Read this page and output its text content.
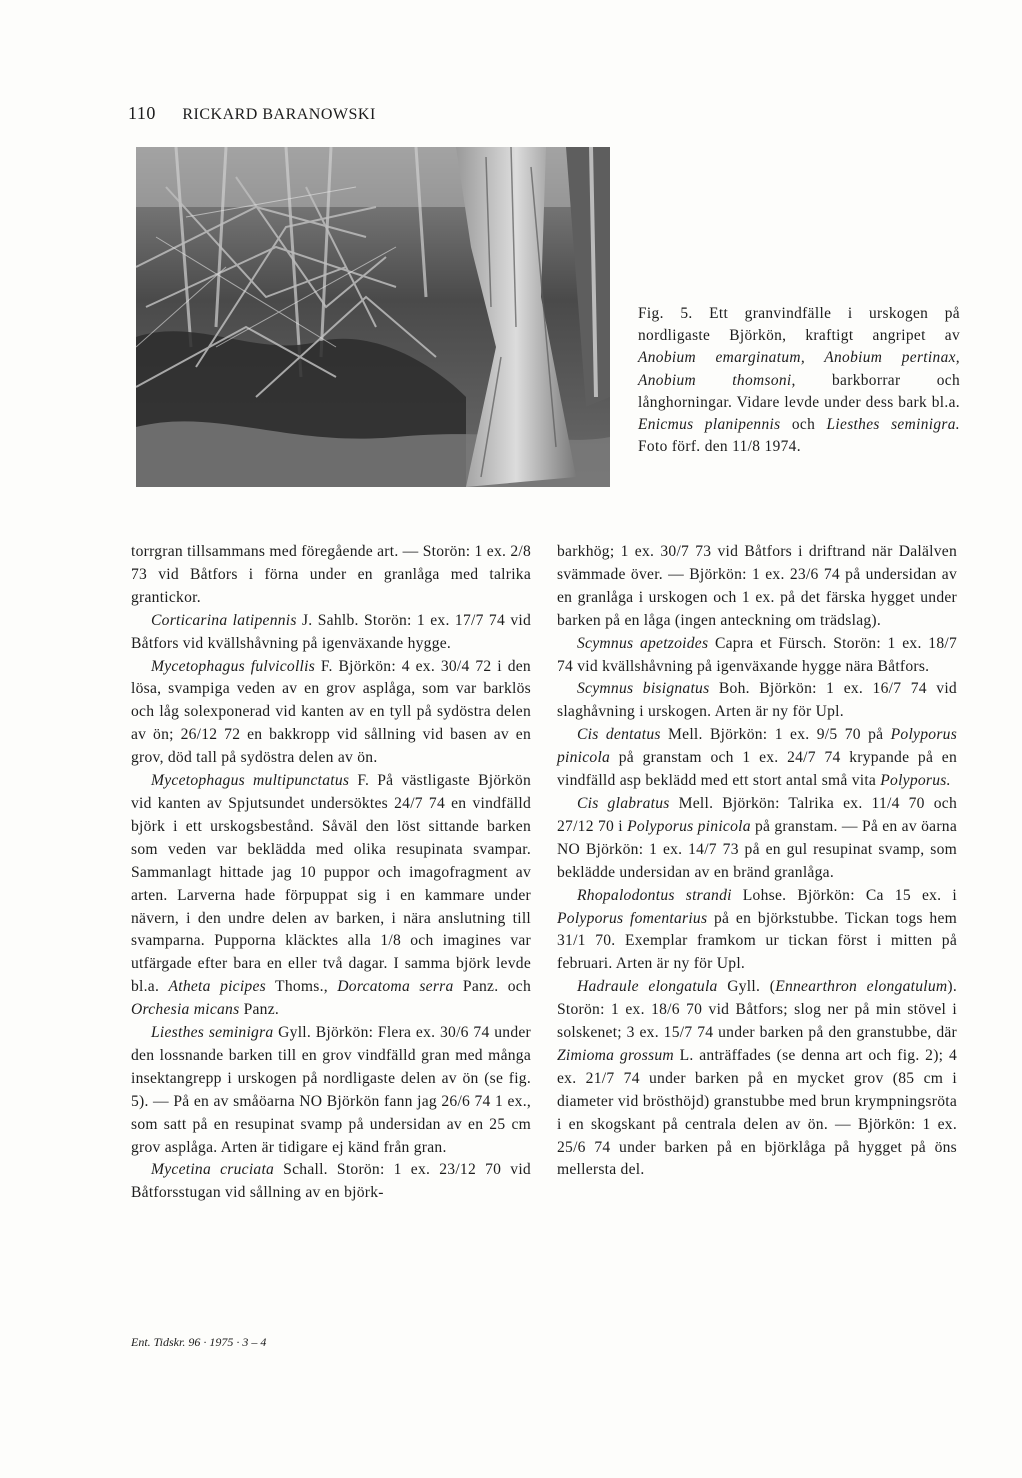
110 RICKARD BARANOWSKI
Fig. 5. Ett granvindfälle i urskogen på nordligaste Björkön, kraftigt angripet av Anobium emarginatum, Anobium pertinax, Anobium thomsoni, barkborrar och långhorningar. Vidare levde under dess bark bl.a. Enicmus planipennis och Liesthes seminigra. Foto förf. den 11/8 1974.

torrgran tillsammans med föregående art. — Storön: 1 ex. 2/8 73 vid Båtfors i förna under en granlåga med talrika grantickor.

Corticarina latipennis J. Sahlb. Storön: 1 ex. 17/7 74 vid Båtfors vid kvällshåvning på igenväxande hygge.

Mycetophagus fulvicollis F. Björkön: 4 ex. 30/4 72 i den lösa, svampiga veden av en grov asplåga, som var barklös och låg solexponerad vid kanten av en tyll på sydöstra delen av ön; 26/12 72 en bakkropp vid sållning vid basen av en grov, död tall på sydöstra delen av ön.

Mycetophagus multipunctatus F. På västligaste Björkön vid kanten av Spjutsundet undersöktes 24/7 74 en vindfälld björk i ett urskogsbestånd. Såväl den löst sittande barken som veden var beklädda med olika resupinata svampar. Sammanlagt hittade jag 10 puppor och imagofragment av arten. Larverna hade förpuppat sig i en kammare under nävern, i den undre delen av barken, i nära anslutning till svamparna. Pupporna kläcktes alla 1/8 och imagines var utfärgade efter bara en eller två dagar. I samma björk levde bl.a. Atheta picipes Thoms., Dorcatoma serra Panz. och Orchesia micans Panz.

Liesthes seminigra Gyll. Björkön: Flera ex. 30/6 74 under den lossnande barken till en grov vindfälld gran med många insektangrepp i urskogen på nordligaste delen av ön (se fig. 5). — På en av småöarna NO Björkön fann jag 26/6 74 1 ex., som satt på en resupinat svamp på undersidan av en 25 cm grov asplåga. Arten är tidigare ej känd från gran.

Mycetina cruciata Schall. Storön: 1 ex. 23/12 70 vid Båtforsstugan vid sållning av en björk-

barkhög; 1 ex. 30/7 73 vid Båtfors i driftrand när Dalälven svämmade över. — Björkön: 1 ex. 23/6 74 på undersidan av en granlåga i urskogen och 1 ex. på det färska hygget under barken på en låga (ingen anteckning om trädslag).

Scymnus apetzoides Capra et Fürsch. Storön: 1 ex. 18/7 74 vid kvällshåvning på igenväxande hygge nära Båtfors.

Scymnus bisignatus Boh. Björkön: 1 ex. 16/7 74 vid slaghåvning i urskogen. Arten är ny för Upl.

Cis dentatus Mell. Björkön: 1 ex. 9/5 70 på Polyporus pinicola på granstam och 1 ex. 24/7 74 krypande på en vindfälld asp beklädd med ett stort antal små vita Polyporus.

Cis glabratus Mell. Björkön: Talrika ex. 11/4 70 och 27/12 70 i Polyporus pinicola på granstam. — På en av öarna NO Björkön: 1 ex. 14/7 73 på en gul resupinat svamp, som beklädde undersidan av en bränd granlåga.

Rhopalodontus strandi Lohse. Björkön: Ca 15 ex. i Polyporus fomentarius på en björkstubbe. Tickan togs hem 31/1 70. Exemplar framkom ur tickan först i mitten på februari. Arten är ny för Upl.

Hadraule elongatula Gyll. (Ennearthron elongatulum). Storön: 1 ex. 18/6 70 vid Båtfors; slog ner på min stövel i solskenet; 3 ex. 15/7 74 under barken på den granstubbe, där Zimioma grossum L. anträffades (se denna art och fig. 2); 4 ex. 21/7 74 under barken på en mycket grov (85 cm i diameter vid brösthöjd) granstubbe med brun krympningsröta i en skogskant på centrala delen av ön. — Björkön: 1 ex. 25/6 74 under barken på en björklåga på hygget på öns mellersta del.

Ent. Tidskr. 96 · 1975 · 3 – 4
